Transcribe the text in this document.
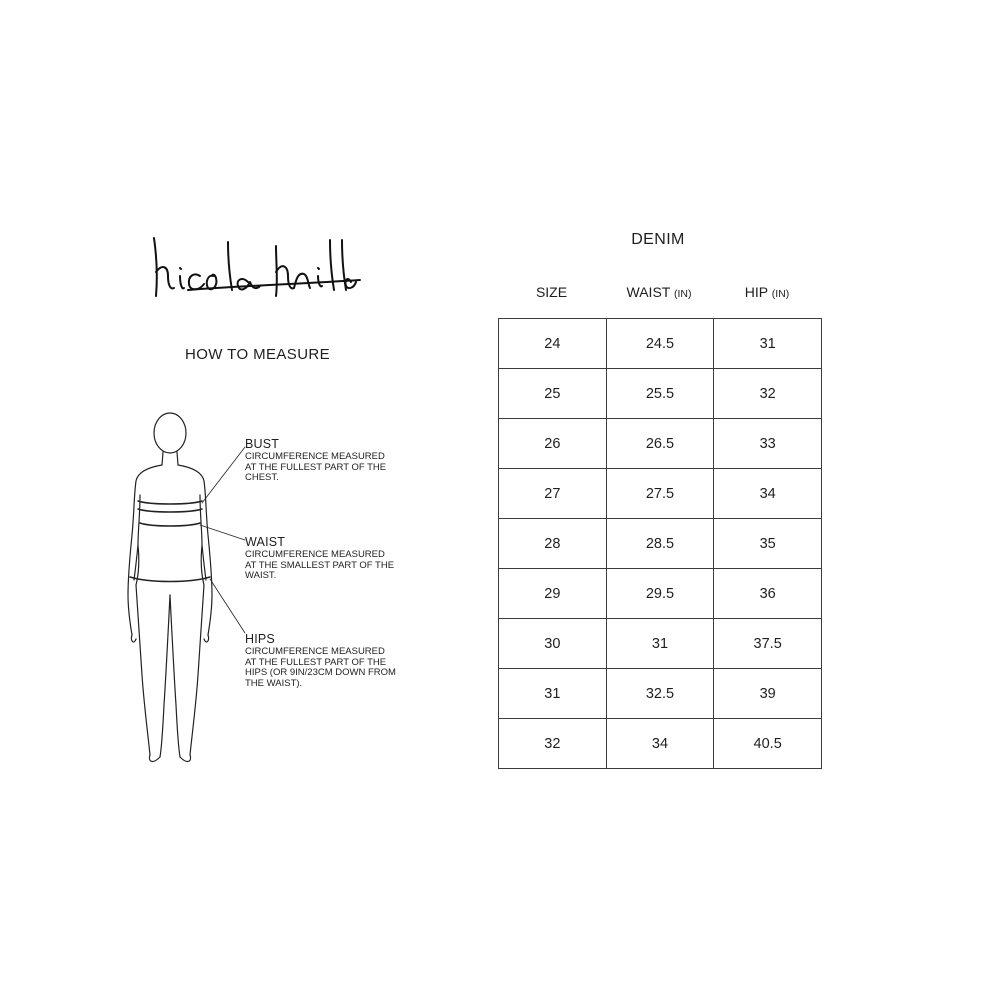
HOW TO MEASURE
BUST
CIRCUMFERENCE MEASURED
AT THE FULLEST PART OF THE
CHEST.
WAIST
CIRCUMFERENCE MEASURED
AT THE SMALLEST PART OF THE
WAIST.
HIPS
CIRCUMFERENCE MEASURED
AT THE FULLEST PART OF THE
HIPS (OR 9IN/23CM DOWN FROM
THE WAIST).
DENIM
SIZE	WAIST (IN)	HIP (IN)
24	24.5	31
25	25.5	32
26	26.5	33
27	27.5	34
28	28.5	35
29	29.5	36
30	31	37.5
31	32.5	39
32	34	40.5
